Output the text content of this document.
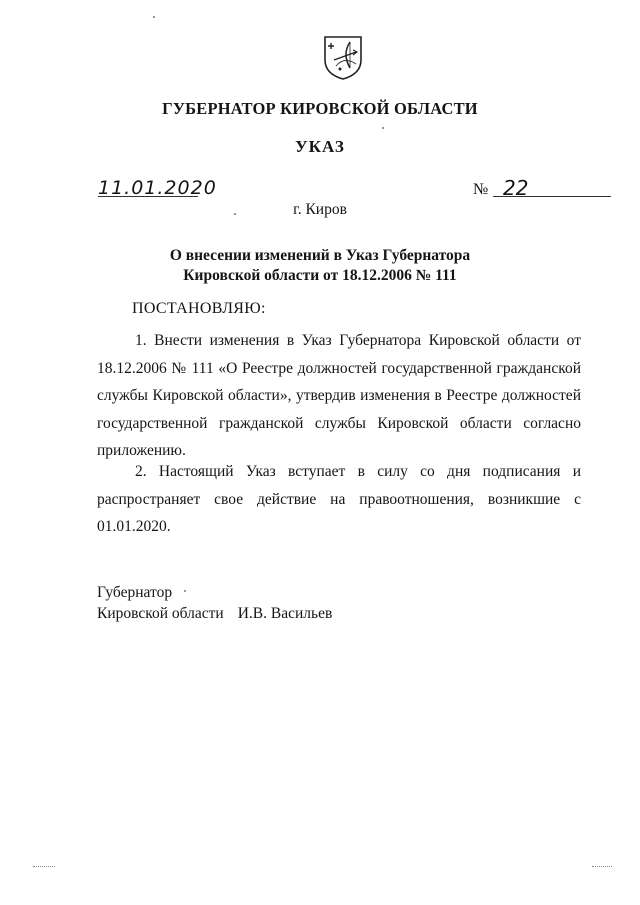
ГУБЕРНАТОР КИРОВСКОЙ ОБЛАСТИ
УКАЗ
11.01.2020	№ 22
г. Киров
О внесении изменений в Указ Губернатора
Кировской области от 18.12.2006 № 111
ПОСТАНОВЛЯЮ:

1. Внести изменения в Указ Губернатора Кировской области от 18.12.2006 № 111 «О Реестре должностей государственной гражданской службы Кировской области», утвердив изменения в Реестре должностей государственной гражданской службы Кировской области согласно приложению.

2. Настоящий Указ вступает в силу со дня подписания и распространяет свое действие на правоотношения, возникшие с 01.01.2020.

Губернатор
Кировской области И.В. Васильев
